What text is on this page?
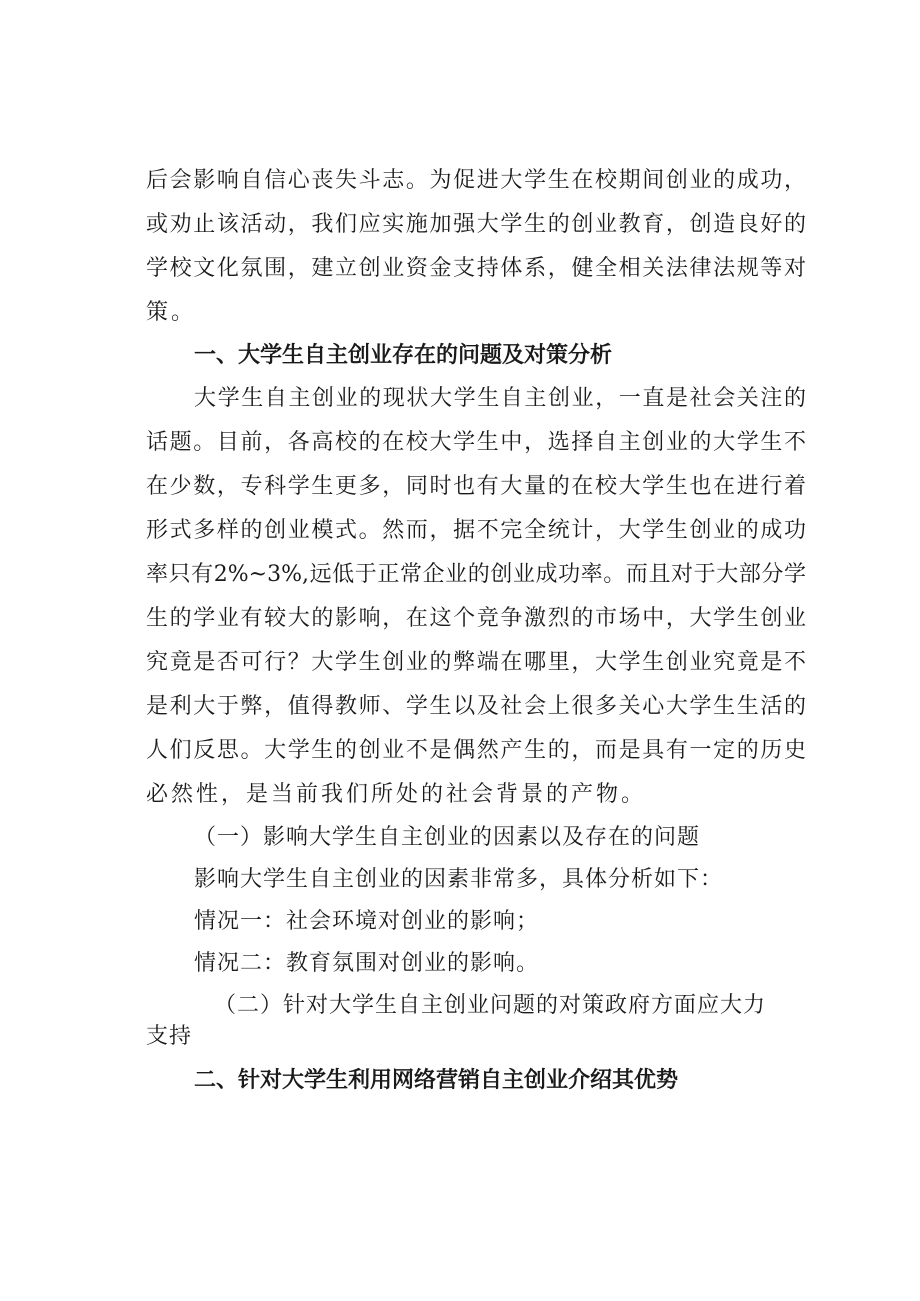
后会影响自信心丧失斗志。为促进大学生在校期间创业的成功，
或劝止该活动，我们应实施加强大学生的创业教育，创造良好的
学校文化氛围，建立创业资金支持体系，健全相关法律法规等对
策。
一、大学生自主创业存在的问题及对策分析
大学生自主创业的现状大学生自主创业，一直是社会关注的
话题。目前，各高校的在校大学生中，选择自主创业的大学生不
在少数，专科学生更多，同时也有大量的在校大学生也在进行着
形式多样的创业模式。然而，据不完全统计，大学生创业的成功
率只有2%~3%,远低于正常企业的创业成功率。而且对于大部分学
生的学业有较大的影响，在这个竞争激烈的市场中，大学生创业
究竟是否可行？大学生创业的弊端在哪里，大学生创业究竟是不
是利大于弊，值得教师、学生以及社会上很多关心大学生生活的
人们反思。大学生的创业不是偶然产生的，而是具有一定的历史
必然性，是当前我们所处的社会背景的产物。
（一）影响大学生自主创业的因素以及存在的问题
影响大学生自主创业的因素非常多，具体分析如下：
情况一：社会环境对创业的影响；
情况二：教育氛围对创业的影响。
（二）针对大学生自主创业问题的对策政府方面应大力
支持
二、针对大学生利用网络营销自主创业介绍其优势
